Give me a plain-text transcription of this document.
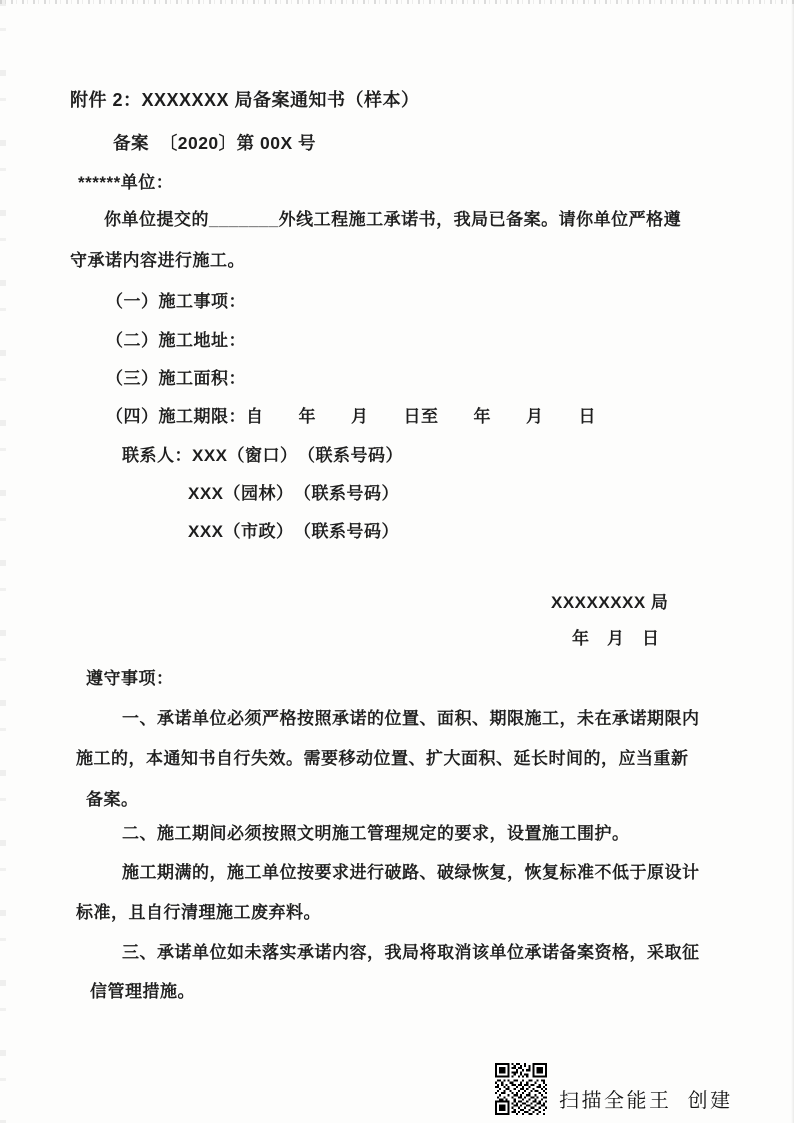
附件 2：XXXXXXX 局备案通知书（样本）
备案  〔2020〕第 00X 号
******单位：
你单位提交的_______外线工程施工承诺书，我局已备案。请你单位严格遵
守承诺内容进行施工。
（一）施工事项：
（二）施工地址：
（三）施工面积：
（四）施工期限：自　　年　　月　　日至　　年　　月　　日
联系人：XXX（窗口）　（联系号码）
XXX（园林）　（联系号码）
XXX（市政）　（联系号码）
XXXXXXXX 局
年　月　日
遵守事项：
一、承诺单位必须严格按照承诺的位置、面积、期限施工，未在承诺期限内
施工的，本通知书自行失效。需要移动位置、扩大面积、延长时间的，应当重新
备案。
二、施工期间必须按照文明施工管理规定的要求，设置施工围护。
施工期满的，施工单位按要求进行破路、破绿恢复，恢复标准不低于原设计
标准，且自行清理施工废弃料。
三、承诺单位如未落实承诺内容，我局将取消该单位承诺备案资格，采取征
信管理措施。
扫描全能王  创建
